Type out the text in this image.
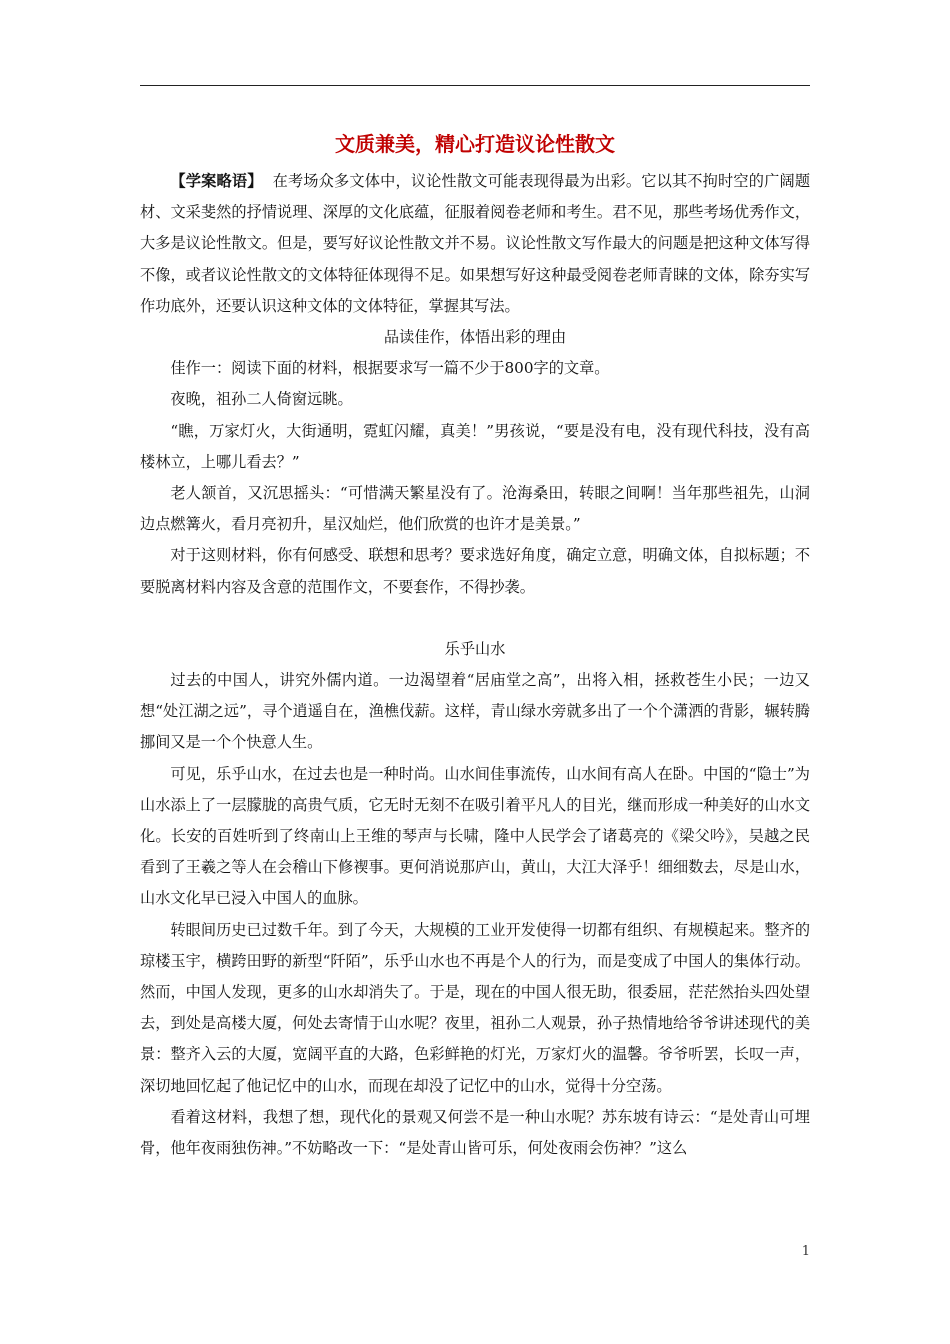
文质兼美，精心打造议论性散文

【学案略语】 在考场众多文体中，议论性散文可能表现得最为出彩。它以其不拘时空的广阔题材、文采斐然的抒情说理、深厚的文化底蕴，征服着阅卷老师和考生。君不见，那些考场优秀作文，大多是议论性散文。但是，要写好议论性散文并不易。议论性散文写作最大的问题是把这种文体写得不像，或者议论性散文的文体特征体现得不足。如果想写好这种最受阅卷老师青睐的文体，除夯实写作功底外，还要认识这种文体的文体特征，掌握其写法。

品读佳作，体悟出彩的理由

佳作一：阅读下面的材料，根据要求写一篇不少于800字的文章。

夜晚，祖孙二人倚窗远眺。

“瞧，万家灯火，大街通明，霓虹闪耀，真美！”男孩说，“要是没有电，没有现代科技，没有高楼林立，上哪儿看去？”

老人颔首，又沉思摇头：“可惜满天繁星没有了。沧海桑田，转眼之间啊！当年那些祖先，山洞边点燃篝火，看月亮初升，星汉灿烂，他们欣赏的也许才是美景。”

对于这则材料，你有何感受、联想和思考？要求选好角度，确定立意，明确文体，自拟标题；不要脱离材料内容及含意的范围作文，不要套作，不得抄袭。

乐乎山水

过去的中国人，讲究外儒内道。一边渴望着“居庙堂之高”，出将入相，拯救苍生小民；一边又想“处江湖之远”，寻个逍遥自在，渔樵伐薪。这样，青山绿水旁就多出了一个个潇洒的背影，辗转腾挪间又是一个个快意人生。

可见，乐乎山水，在过去也是一种时尚。山水间佳事流传，山水间有高人在卧。中国的“隐士”为山水添上了一层朦胧的高贵气质，它无时无刻不在吸引着平凡人的目光，继而形成一种美好的山水文化。长安的百姓听到了终南山上王维的琴声与长啸，隆中人民学会了诸葛亮的《梁父吟》，吴越之民看到了王羲之等人在会稽山下修褉事。更何消说那庐山，黄山，大江大泽乎！细细数去，尽是山水，山水文化早已浸入中国人的血脉。

转眼间历史已过数千年。到了今天，大规模的工业开发使得一切都有组织、有规模起来。整齐的琼楼玉宇，横跨田野的新型“阡陌”，乐乎山水也不再是个人的行为，而是变成了中国人的集体行动。然而，中国人发现，更多的山水却消失了。于是，现在的中国人很无助，很委屈，茫茫然抬头四处望去，到处是高楼大厦，何处去寄情于山水呢？夜里，祖孙二人观景，孙子热情地给爷爷讲述现代的美景：整齐入云的大厦，宽阔平直的大路，色彩鲜艳的灯光，万家灯火的温馨。爷爷听罢，长叹一声，深切地回忆起了他记忆中的山水，而现在却没了记忆中的山水，觉得十分空荡。

看着这材料，我想了想，现代化的景观又何尝不是一种山水呢？苏东坡有诗云：“是处青山可埋骨，他年夜雨独伤神。”不妨略改一下：“是处青山皆可乐，何处夜雨会伤神？”这么

1
